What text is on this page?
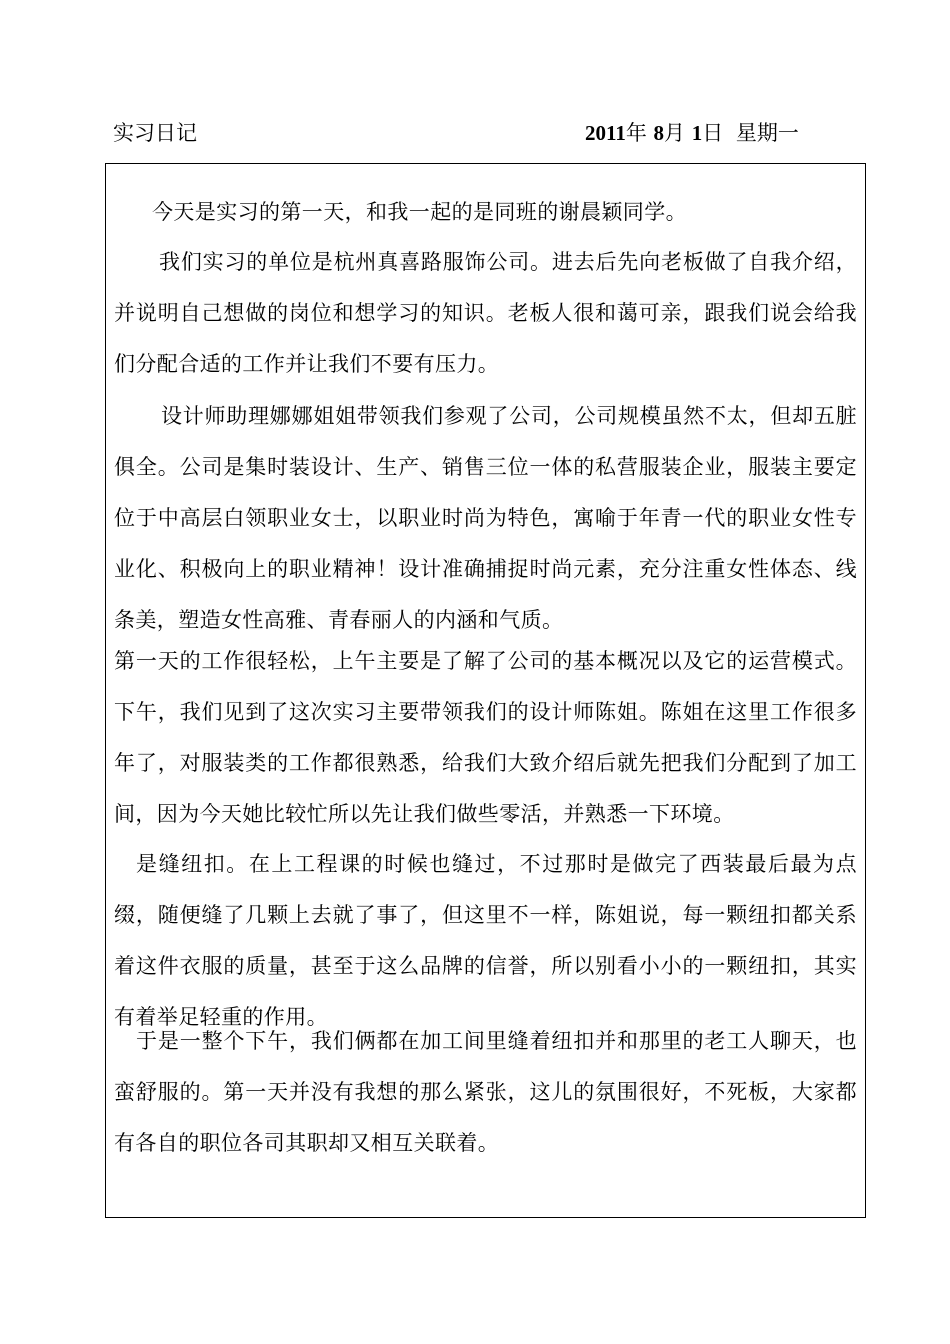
实习日记	2011年 8月 1日 星期一
今天是实习的第一天，和我一起的是同班的谢晨颖同学。
我们实习的单位是杭州真喜路服饰公司。进去后先向老板做了自我介绍，并说明自己想做的岗位和想学习的知识。老板人很和蔼可亲，跟我们说会给我们分配合适的工作并让我们不要有压力。
设计师助理娜娜姐姐带领我们参观了公司，公司规模虽然不太，但却五脏俱全。公司是集时装设计、生产、销售三位一体的私营服装企业，服装主要定位于中高层白领职业女士，以职业时尚为特色，寓喻于年青一代的职业女性专业化、积极向上的职业精神！设计准确捕捉时尚元素，充分注重女性体态、线条美，塑造女性高雅、青春丽人的内涵和气质。
第一天的工作很轻松，上午主要是了解了公司的基本概况以及它的运营模式。下午，我们见到了这次实习主要带领我们的设计师陈姐。陈姐在这里工作很多年了，对服装类的工作都很熟悉，给我们大致介绍后就先把我们分配到了加工间，因为今天她比较忙所以先让我们做些零活，并熟悉一下环境。
是缝纽扣。在上工程课的时候也缝过，不过那时是做完了西装最后最为点缀，随便缝了几颗上去就了事了，但这里不一样，陈姐说，每一颗纽扣都关系着这件衣服的质量，甚至于这么品牌的信誉，所以别看小小的一颗纽扣，其实有着举足轻重的作用。
于是一整个下午，我们俩都在加工间里缝着纽扣并和那里的老工人聊天，也蛮舒服的。第一天并没有我想的那么紧张，这儿的氛围很好，不死板，大家都有各自的职位各司其职却又相互关联着。
